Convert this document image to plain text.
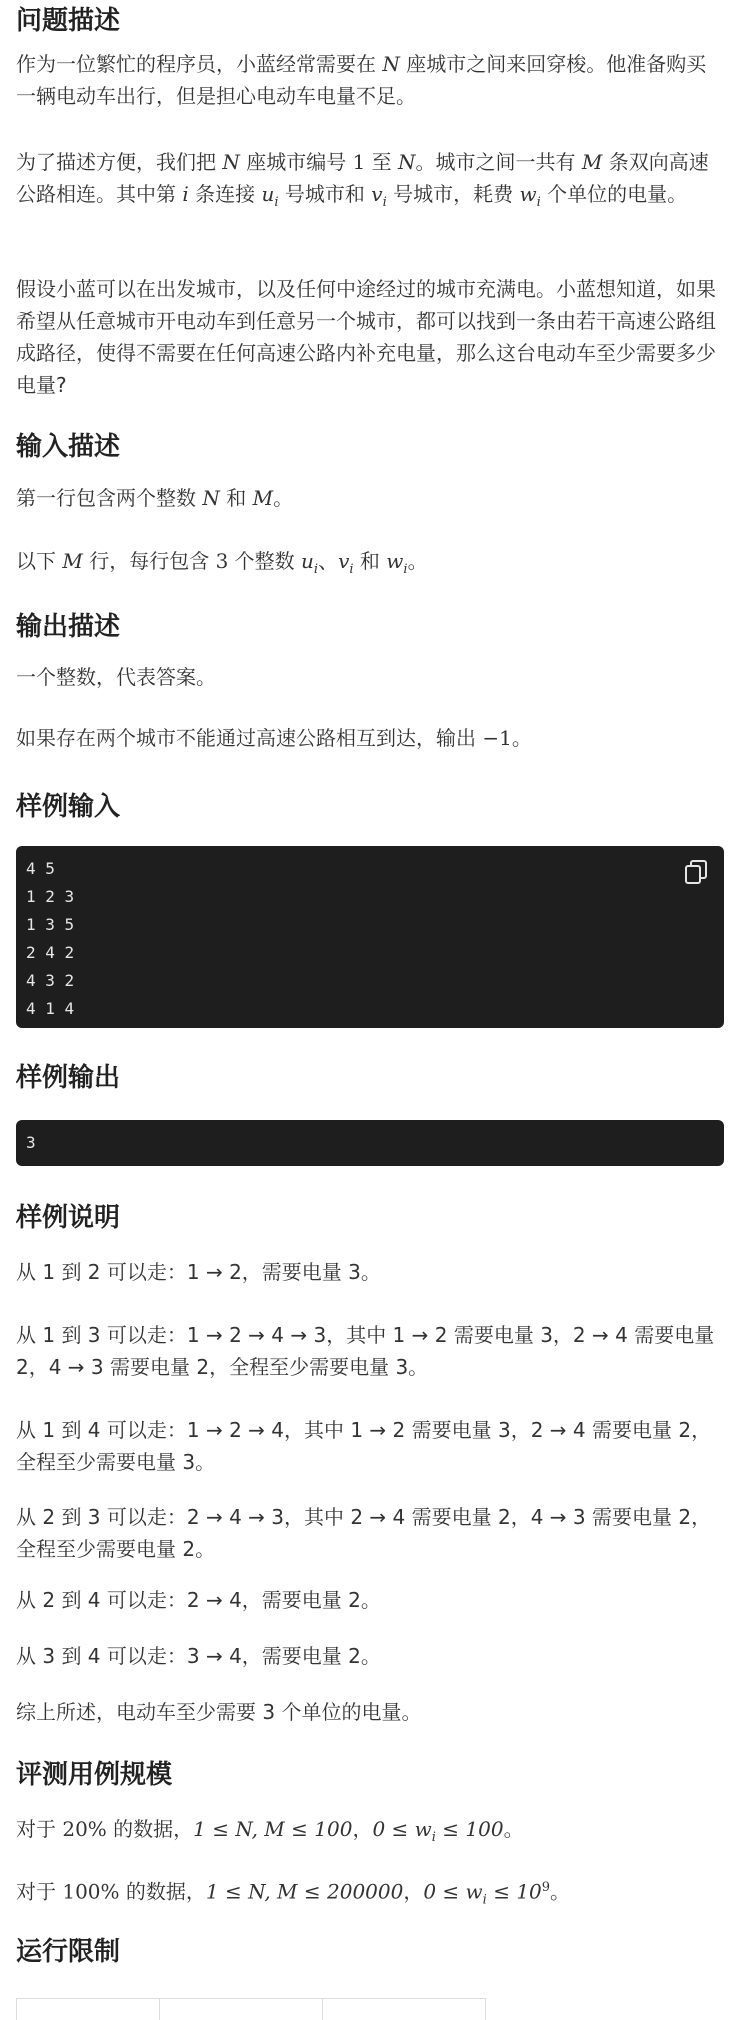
问题描述

作为一位繁忙的程序员，小蓝经常需要在 N 座城市之间来回穿梭。他准备购买一辆电动车出行，但是担心电动车电量不足。

为了描述方便，我们把 N 座城市编号 1 至 N。城市之间一共有 M 条双向高速公路相连。其中第 i 条连接 $u_i$ 号城市和 $v_i$ 号城市，耗费 $w_i$ 个单位的电量。

假设小蓝可以在出发城市，以及任何中途经过的城市充满电。小蓝想知道，如果希望从任意城市开电动车到任意另一个城市，都可以找到一条由若干高速公路组成路径，使得不需要在任何高速公路内补充电量，那么这台电动车至少需要多少电量?

输入描述

第一行包含两个整数 N 和 M。

以下 M 行，每行包含 3 个整数 $u_i$、$v_i$ 和 $w_i$。

输出描述

一个整数，代表答案。

如果存在两个城市不能通过高速公路相互到达，输出 −1。

样例输入
4 5
1 2 3
1 3 5
2 4 2
4 3 2
4 1 4
样例输出
3
样例说明

从 1 到 2 可以走：1 → 2，需要电量 3。

从 1 到 3 可以走：1 → 2 → 4 → 3，其中 1 → 2 需要电量 3，2 → 4 需要电量 2，4 → 3 需要电量 2，全程至少需要电量 3。

从 1 到 4 可以走：1 → 2 → 4，其中 1 → 2 需要电量 3，2 → 4 需要电量 2，全程至少需要电量 3。

从 2 到 3 可以走：2 → 4 → 3，其中 2 → 4 需要电量 2，4 → 3 需要电量 2，全程至少需要电量 2。

从 2 到 4 可以走：2 → 4，需要电量 2。

从 3 到 4 可以走：3 → 4，需要电量 2。

综上所述，电动车至少需要 3 个单位的电量。

评测用例规模

对于 20% 的数据，1 ≤ N, M ≤ 100，$0 \le w_i \le 100$。

对于 100% 的数据，1 ≤ N, M ≤ 200000，$0 \le w_i \le 10^9$。

运行限制
